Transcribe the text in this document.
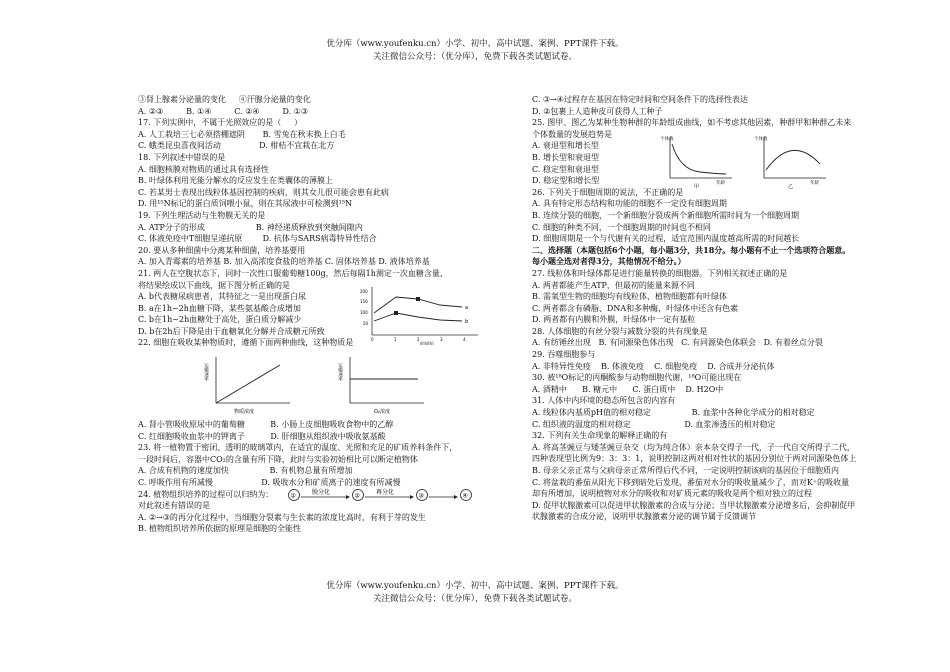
优分库（www.youfenku.cn）小学、初中、高中试题、案例、PPT课件下载。
关注微信公众号：（优分库），免费下载各类试题试卷。
③肾上腺素分泌量的变化     ④汗腺分泌量的变化
A. ②③         B. ①④         C. ②④         D. ①③
17. 下列实例中，不属于光照效应的是（     ）
A. 人工栽培三七必须搭棚遮阴       B. 雪兔在秋末换上白毛
C. 蛾类昆虫喜夜间活动               D. 柑桔不宜栽在北方
18. 下列叙述中错误的是
A. 细胞核膜对物质的通过具有选择性
B. 叶绿体利用光能分解水的反应发生在类囊体的薄膜上
C. 若某男士表现出线粒体基因控制的疾病，则其女儿很可能会患有此病
D. 用¹⁵N标记的蛋白质饲喂小鼠，则在其尿液中可检测到¹⁵N
19. 下列生理活动与生物膜无关的是
A. ATP分子的形成                    B. 神经递质释放到突触间隙内
C. 体液免疫中T细胞呈递抗原        D. 抗体与SARS病毒特异性结合
20. 要从多种细菌中分离某种细菌，培养基要用
A. 加入青霉素的培养基 B. 加入高浓度食盐的培养基 C. 固体培养基 D. 液体培养基
21. 两人在空腹状态下，同时一次性口服葡萄糖100g，然后每隔1h测定一次血糖含量，
将结果绘成以下曲线，据下图分析正确的是
A. b代表糖尿病患者，其特征之一是出现蛋白尿
B. a在1h~2h血糖下降，某些氨基酸合成增加
C. b在1h~2h血糖处于高处，蛋白质分解减少
D. b在2h后下降是由于血糖氧化分解并合成糖元所致
22. 细胞在吸收某种物质时，遵循下面两种曲线，这种物质是
200
150
100
50
0	1	2	3	4
a
b
时间(h)
运输速率
物质浓度
运输速率
O₂浓度
A. 肾小管吸收原尿中的葡萄糖          B. 小肠上皮细胞吸收食物中的乙醇
C. 红细胞吸收血浆中的钾离子          D. 肝细胞从组织液中吸收氨基酸
23. 将一植物置于密闭、透明的玻璃罩内，在适宜的温度、光照和充足的矿质养料条件下，
一段时间后，容器中CO₂的含量有所下降，此时与实验初始相比可以断定植物体
A. 合成有机物的速度加快                B. 有机物总量有所增加
C. 呼吸作用有所减慢                   D. 吸收水分和矿质离子的速度有所减慢
24. 植物组织培养的过程可以归纳为：	①	脱分化	②	再分化	③	④
对此叙述有错误的是
A. ②→③的再分化过程中，当细胞分裂素与生长素的浓度比高时，有利于芽的发生
B. 植物组织培养所依据的原理是细胞的全能性
C. ③→④过程存在基因在特定时间和空间条件下的选择性表达
D. ②包裹上人造种皮可获得人工种子
25. 图甲、图乙为某种生物种群的年龄组成曲线，如不考虑其他因素，种群甲和种群乙未来
个体数量的发展趋势是
A. 衰退型和增长型
B. 增长型和衰退型
C. 稳定型和衰退型
D. 稳定型和增长型
个体数
年龄
甲
个体数
年龄
乙
26. 下列关于细胞周期的说法，不正确的是
A. 具有特定形态结构和功能的细胞不一定没有细胞周期
B. 连续分裂的细胞，一个新细胞分裂成两个新细胞所需时间为一个细胞周期
C. 细胞的种类不同，一个细胞周期的时间也不相同
D. 细胞周期是一个与代谢有关的过程，适宜范围内温度越高所需的时间越长
二、选择题（本题包括6个小题，每小题3分，共18分。每小题有不止一个选项符合题意。
每小题全选对者得3分，其他情况不给分。）
27. 线粒体和叶绿体都是进行能量转换的细胞器。下列相关叙述正确的是
A. 两者都能产生ATP，但最初的能量来源不同
B. 需氧型生物的细胞均有线粒体，植物细胞都有叶绿体
C. 两者都含有磷脂、DNA和多种酶，叶绿体中还含有色素
D. 两者都有内膜和外膜，叶绿体中一定有基粒
28. 人体细胞的有丝分裂与减数分裂的共有现象是
A. 有纺锤丝出现   B. 有同源染色体出现   C. 有同源染色体联会   D. 有着丝点分裂
29. 吞噬细胞参与
A. 非特异性免疫    B. 体液免疫    C. 细胞免疫    D. 合成并分泌抗体
30. 被¹⁸O标记的丙酮酸参与动物细胞代谢，¹⁸O可能出现在
A. 酒精中      B. 糖元中      C. 蛋白质中    D. H2O中
31. 人体中内环境的稳态所包含的内容有
A. 线粒体内基质pH值的相对稳定                B. 血浆中各种化学成分的相对稳定
C. 组织液的温度的相对稳定                     D. 血浆渗透压的相对稳定
32. 下列有关生命现象的解释正确的有
A. 将高茎豌豆与矮茎豌豆杂交（均为纯合体）亲本杂交得子一代，子一代自交所得子二代，
四种表现型比例为9：3：3：1，说明控制这两对相对性状的基因分别位于两对同源染色体上
B. 母亲父亲正常与父病母亲正常所得后代不同，一定说明控制该病的基因位于细胞质内
C. 将盆栽的番茄从阳光下移到暗处后发现，番茄对水分的吸收量减少了，而对K⁺的吸收量
却有所增加，说明植物对水分的吸收和对矿质元素的吸收是两个相对独立的过程
D. 促甲状腺激素可以促进甲状腺激素的合成与分泌；当甲状腺激素分泌增多后，会抑制促甲
状腺激素的合成分泌，说明甲状腺激素分泌的调节属于反馈调节
优分库（www.youfenku.cn）小学、初中、高中试题、案例、PPT课件下载。
关注微信公众号：（优分库），免费下载各类试题试卷。
